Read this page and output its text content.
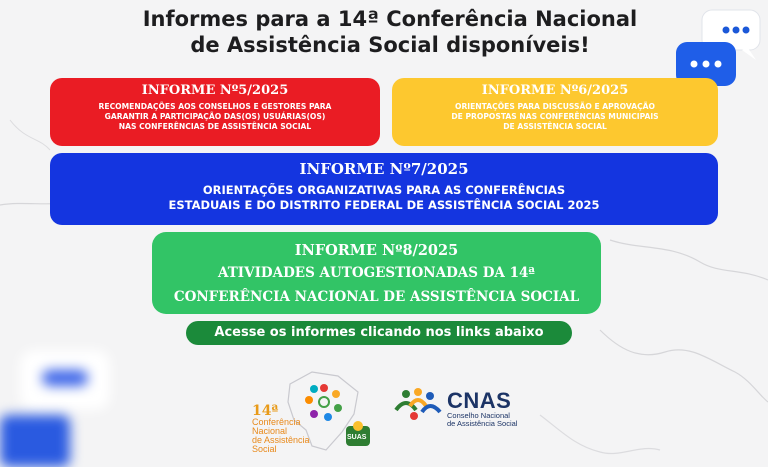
Informes para a 14ª Conferência Nacional
de Assistência Social disponíveis!
INFORME Nº5/2025
RECOMENDAÇÕES AOS CONSELHOS E GESTORES PARA
GARANTIR A PARTICIPAÇÃO DAS(OS) USUÁRIAS(OS)
NAS CONFERÊNCIAS DE ASSISTÊNCIA SOCIAL
INFORME Nº6/2025
ORIENTAÇÕES PARA DISCUSSÃO E APROVAÇÃO
DE PROPOSTAS NAS CONFERÊNCIAS MUNICIPAIS
DE ASSISTÊNCIA SOCIAL
INFORME Nº7/2025
ORIENTAÇÕES ORGANIZATIVAS PARA AS CONFERÊNCIAS
ESTADUAIS E DO DISTRITO FEDERAL DE ASSISTÊNCIA SOCIAL 2025
INFORME Nº8/2025
ATIVIDADES AUTOGESTIONADAS DA 14ª
CONFERÊNCIA NACIONAL DE ASSISTÊNCIA SOCIAL
Acesse os informes clicando nos links abaixo
14ª
Conferência
Nacional
de Assistência
Social
SUAS
CNAS
Conselho Nacional
de Assistência Social
